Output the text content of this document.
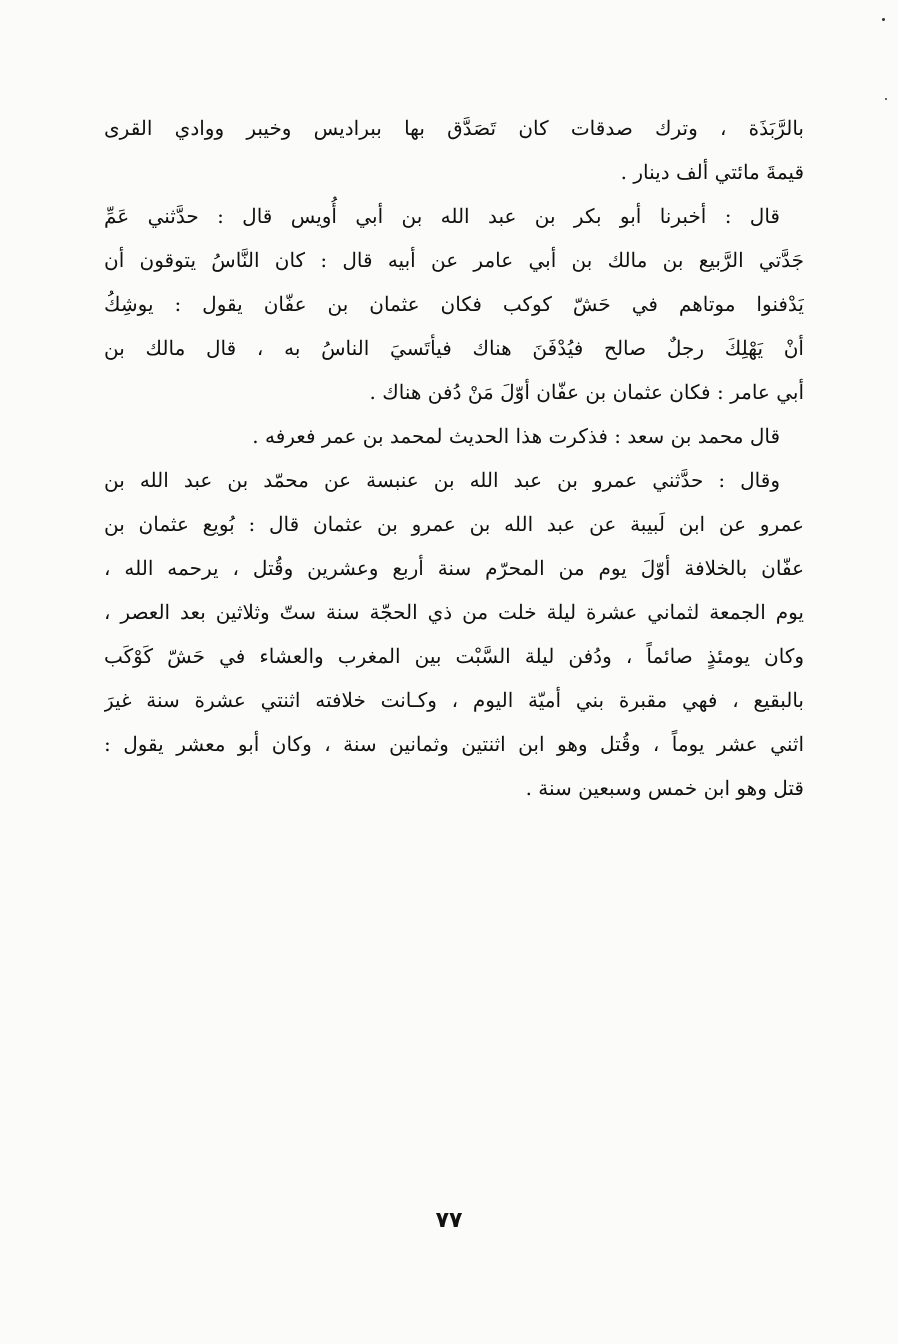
بالرَّبَذَة ، وترك صدقات كان تَصَدَّق بها ببراديس وخيبر ووادي القرى
قيمةَ مائتي ألف دينار .
قال : أخبرنا أبو بكر بن عبد الله بن أبي أُويس قال : حدَّثني عَمِّ
جَدَّتي الرَّبيع بن مالك بن أبي عامر عن أبيه قال : كان النَّاسُ يتوقون أن
يَدْفنوا موتاهم في حَشّ كوكب فكان عثمان بن عفّان يقول : يوشِكُ
أنْ يَهْلِكَ رجلٌ صالح فيُدْفَنَ هناك فيأتَسيَ الناسُ به ، قال مالك بن
أبي عامر : فكان عثمان بن عفّان أوّلَ مَنْ دُفن هناك .
قال محمد بن سعد : فذكرت هذا الحديث لمحمد بن عمر فعرفه .
وقال : حدَّثني عمرو بن عبد الله بن عنبسة عن محمّد بن عبد الله بن
عمرو عن ابن لَبيبة عن عبد الله بن عمرو بن عثمان قال : بُويع عثمان بن
عفّان بالخلافة أوّلَ يوم من المحرّم سنة أربع وعشرين وقُتل ، يرحمه الله ،
يوم الجمعة لثماني عشرة ليلة خلت من ذي الحجّة سنة ستّ وثلاثين بعد العصر ،
وكان يومئذٍ صائماً ، ودُفن ليلة السَّبْت بين المغرب والعشاء في حَشّ كَوْكَب
بالبقيع ، فهي مقبرة بني أميّة اليوم ، وكـانت خلافته اثنتي عشرة سنة غيرَ
اثني عشر يوماً ، وقُتل وهو ابن اثنتين وثمانين سنة ، وكان أبو معشر يقول :
قتل وهو ابن خمس وسبعين سنة .
٧٧
